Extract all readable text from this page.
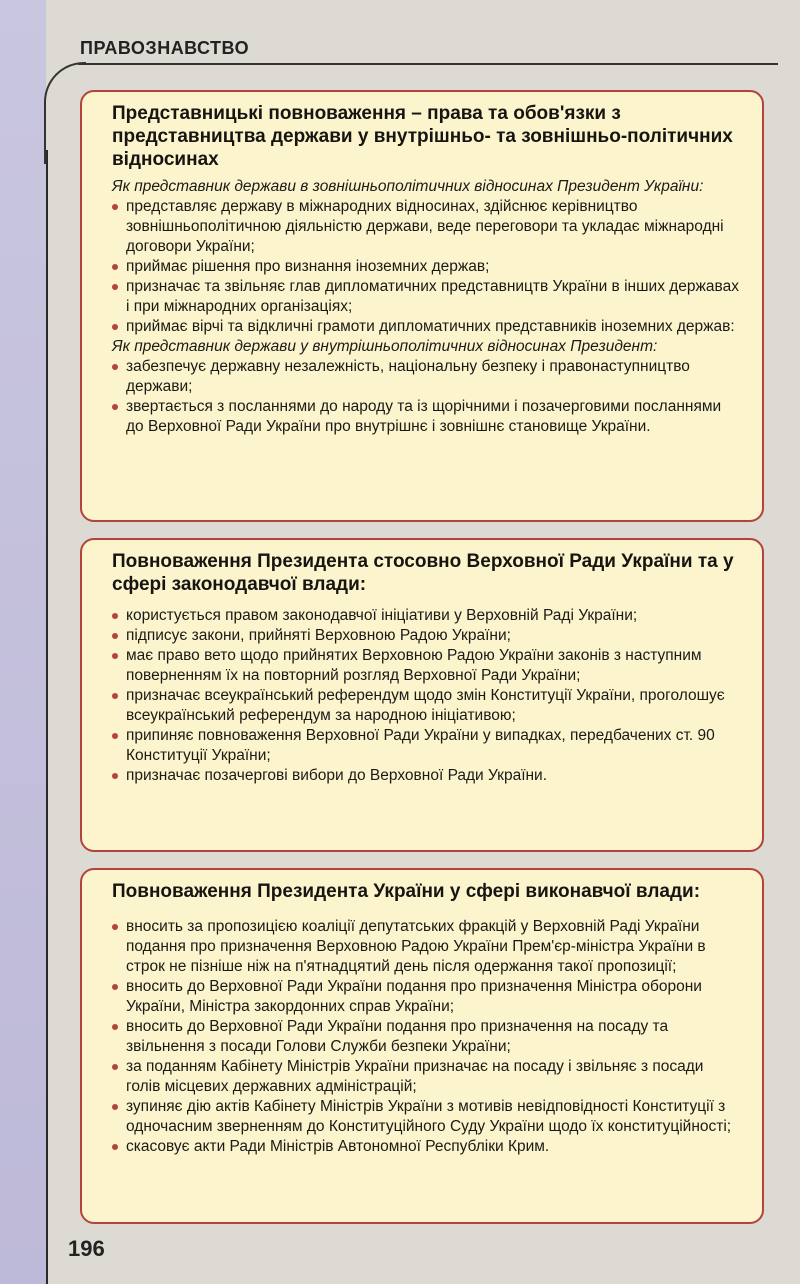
ПРАВОЗНАВСТВО
Представницькі повноваження – права та обов'язки з представництва держави у внутрішньо- та зовнішньо-політичних відносинах

Як представник держави в зовнішньополітичних відносинах Президент України:

представляє державу в міжнародних відносинах, здійснює керівництво зовнішньополітичною діяльністю держави, веде переговори та укладає міжнародні договори України;
приймає рішення про визнання іноземних держав;
призначає та звільняє глав дипломатичних представництв України в інших державах і при міжнародних організаціях;
приймає вірчі та відкличні грамоти дипломатичних представників іноземних держав:

Як представник держави у внутрішньополітичних відносинах Президент:

забезпечує державну незалежність, національну безпеку і правонаступництво держави;
звертається з посланнями до народу та із щорічними і позачерговими посланнями до Верховної Ради України про внутрішнє і зовнішнє становище України.
Повноваження Президента стосовно Верховної Ради України та у сфері законодавчої влади:
користується правом законодавчої ініціативи у Верховній Раді України;
підписує закони, прийняті Верховною Радою України;
має право вето щодо прийнятих Верховною Радою України законів з наступним поверненням їх на повторний розгляд Верховної Ради України;
призначає всеукраїнський референдум щодо змін Конституції України, проголошує всеукраїнський референдум за народною ініціативою;
припиняє повноваження Верховної Ради України у випадках, передбачених ст. 90 Конституції України;
призначає позачергові вибори до Верховної Ради України.
Повноваження Президента України у сфері виконавчої влади:
вносить за пропозицією коаліції депутатських фракцій у Верховній Раді України подання про призначення Верховною Радою України Прем'єр-міністра України в строк не пізніше ніж на п'ятнадцятий день після одержання такої пропозиції;
вносить до Верховної Ради України подання про призначення Міністра оборони України, Міністра закордонних справ України;
вносить до Верховної Ради України подання про призначення на посаду та звільнення з посади Голови Служби безпеки України;
за поданням Кабінету Міністрів України призначає на посаду і звільняє з посади голів місцевих державних адміністрацій;
зупиняє дію актів Кабінету Міністрів України з мотивів невідповідності Конституції з одночасним зверненням до Конституційного Суду України щодо їх конституційності;
скасовує акти Ради Міністрів Автономної Республіки Крим.
196
